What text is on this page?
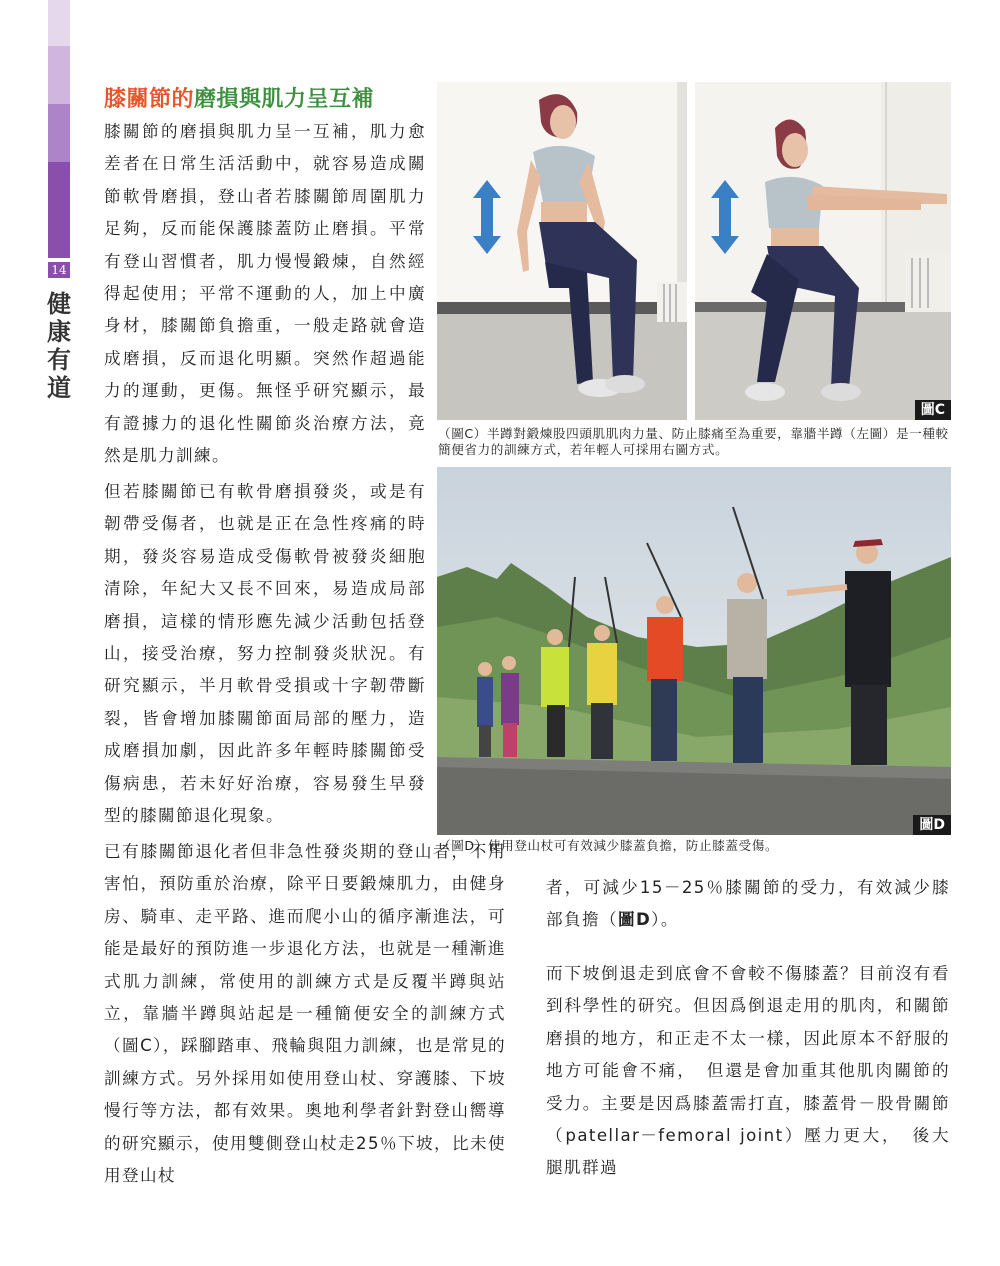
14
健
康
有
道
膝關節的磨損與肌力呈互補

膝關節的磨損與肌力呈一互補，肌力愈差者在日常生活活動中，就容易造成關節軟骨磨損，登山者若膝關節周圍肌力足夠，反而能保護膝蓋防止磨損。平常有登山習慣者，肌力慢慢鍛煉，自然經得起使用；平常不運動的人，加上中廣身材，膝關節負擔重，一般走路就會造成磨損，反而退化明顯。突然作超過能力的運動，更傷。無怪乎研究顯示，最有證據力的退化性關節炎治療方法，竟然是肌力訓練。

但若膝關節已有軟骨磨損發炎，或是有韌帶受傷者，也就是正在急性疼痛的時期，發炎容易造成受傷軟骨被發炎細胞清除，年紀大又長不回來，易造成局部磨損，這樣的情形應先減少活動包括登山，接受治療，努力控制發炎狀況。有研究顯示，半月軟骨受損或十字韌帶斷裂，皆會增加膝關節面局部的壓力，造成磨損加劇，因此許多年輕時膝關節受傷病患，若未好好治療，容易發生早發型的膝關節退化現象。

已有膝關節退化者但非急性發炎期的登山者，不用害怕，預防重於治療，除平日要鍛煉肌力，由健身房、騎車、走平路、進而爬小山的循序漸進法，可能是最好的預防進一步退化方法，也就是一種漸進式肌力訓練，常使用的訓練方式是反覆半蹲與站立，靠牆半蹲與站起是一種簡便安全的訓練方式（圖C），踩腳踏車、飛輪與阻力訓練，也是常見的訓練方式。另外採用如使用登山杖、穿護膝、下坡慢行等方法，都有效果。奧地利學者針對登山嚮導的研究顯示，使用雙側登山杖走25％下坡，比未使用登山杖

者，可減少15－25％膝關節的受力，有效減少膝部負擔（圖D）。

而下坡倒退走到底會不會較不傷膝蓋？目前沒有看到科學性的研究。但因爲倒退走用的肌肉，和關節磨損的地方，和正走不太一樣，因此原本不舒服的地方可能會不痛，　但還是會加重其他肌肉關節的受力。主要是因爲膝蓋需打直，膝蓋骨－股骨關節（patellar－femoral joint）壓力更大，　後大腿肌群過

圖C

（圖C）半蹲對鍛煉股四頭肌肌肉力量、防止膝痛至為重要，靠牆半蹲（左圖）是一種較簡便省力的訓練方式，若年輕人可採用右圖方式。

圖D

（圖D）使用登山杖可有效減少膝蓋負擔，防止膝蓋受傷。
